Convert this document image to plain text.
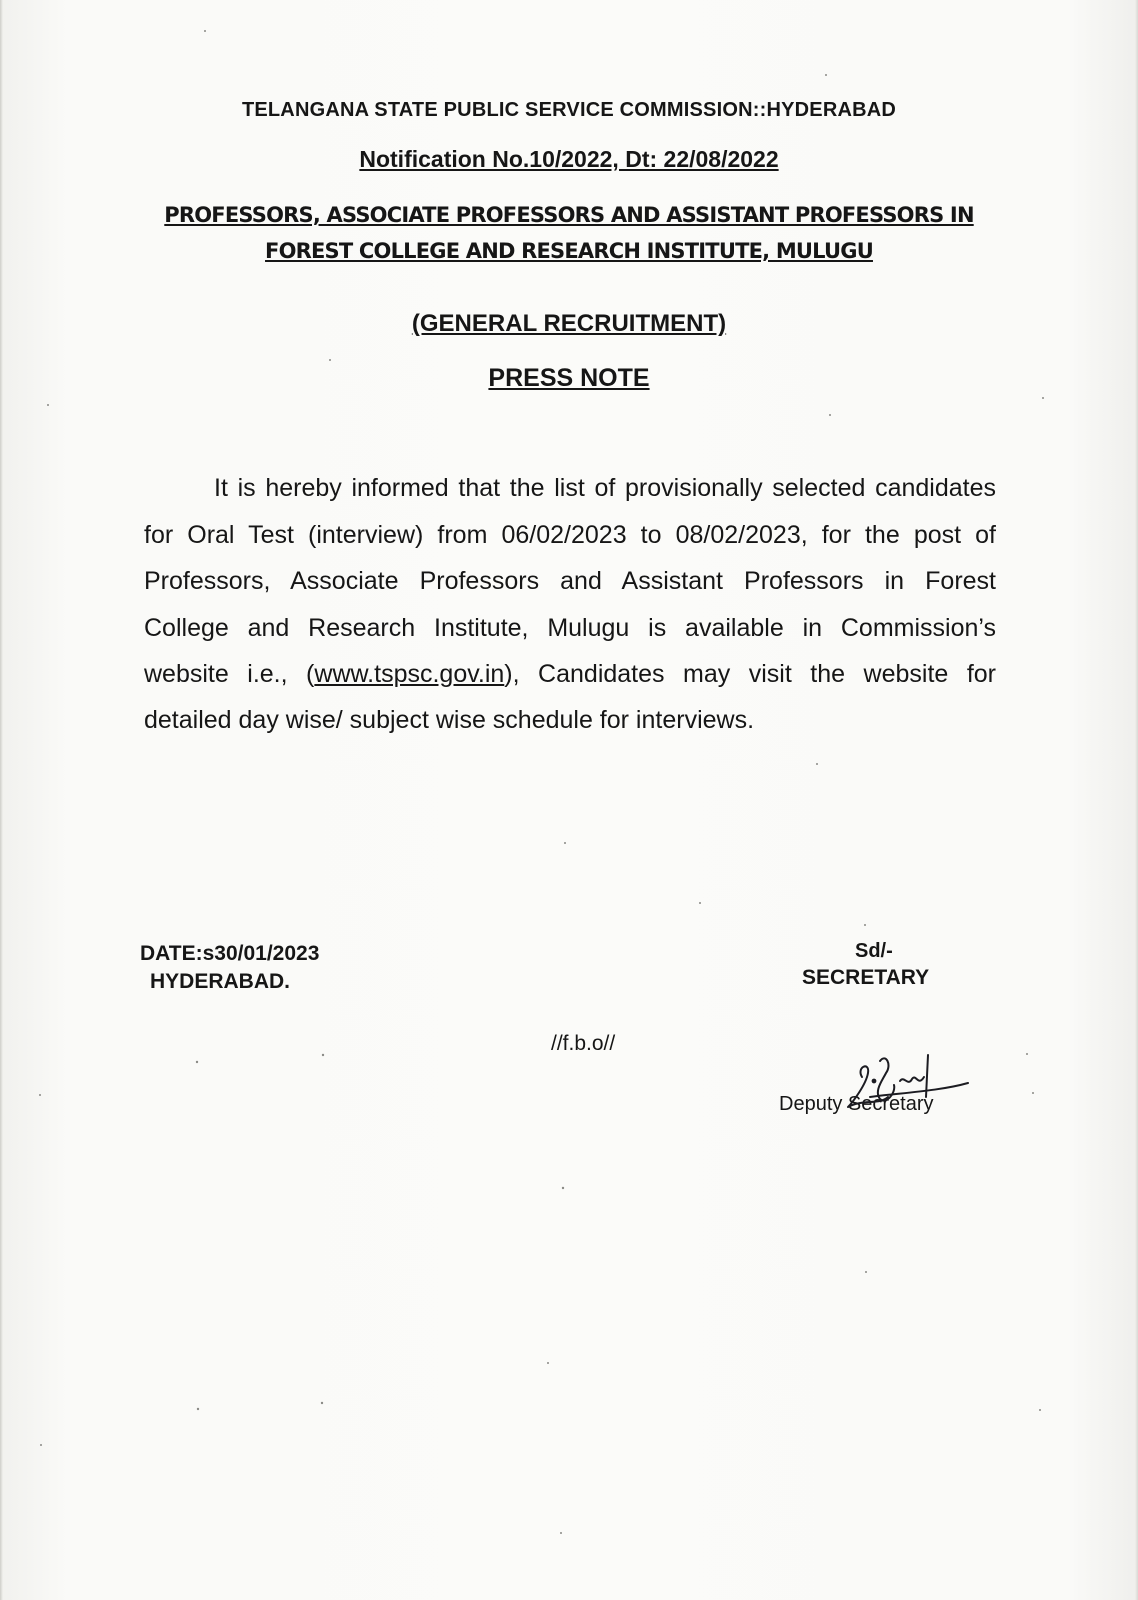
TELANGANA STATE PUBLIC SERVICE COMMISSION::HYDERABAD

Notification No.10/2022, Dt: 22/08/2022

PROFESSORS, ASSOCIATE PROFESSORS AND ASSISTANT PROFESSORS IN

FOREST COLLEGE AND RESEARCH INSTITUTE, MULUGU

(GENERAL RECRUITMENT)

PRESS NOTE

It is hereby informed that the list of provisionally selected candidates
for Oral Test (interview) from 06/02/2023 to 08/02/2023, for the post of
Professors, Associate Professors and Assistant Professors in Forest
College and Research Institute, Mulugu is available in Commission’s
website i.e., (www.tspsc.gov.in), Candidates may visit the website for
detailed day wise/ subject wise schedule for interviews.

DATE:s30/01/2023

HYDERABAD.

Sd/-

SECRETARY

//f.b.o//

Deputy Secretary
